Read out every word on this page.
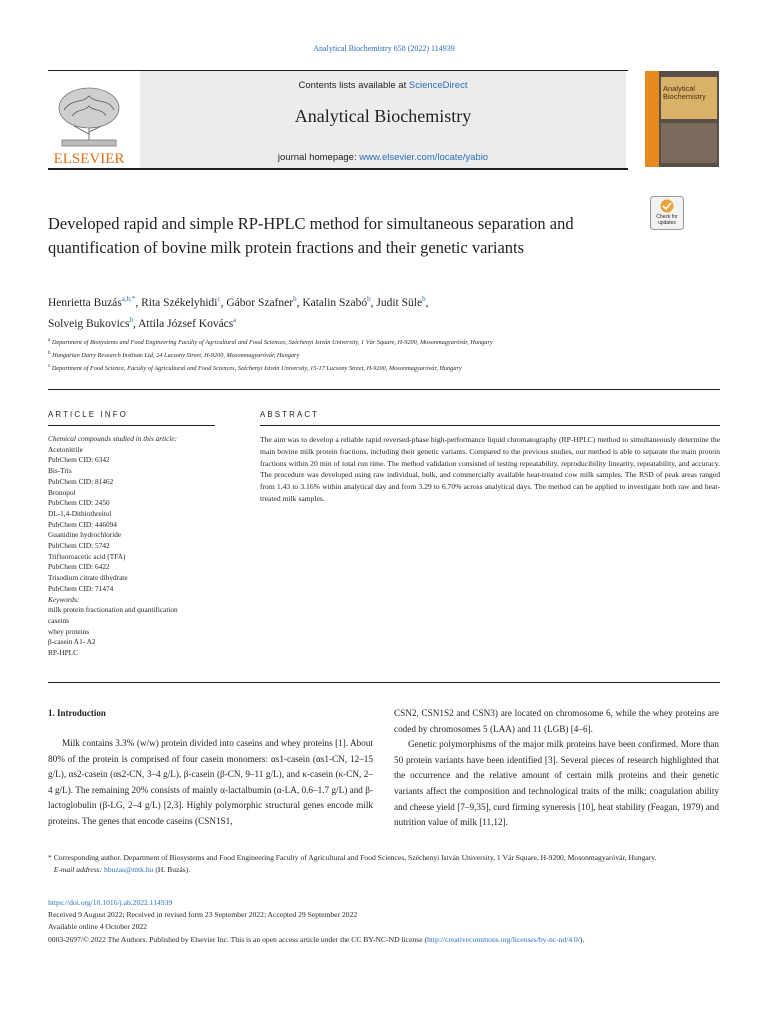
Analytical Biochemistry 658 (2022) 114939
ELSEVIER
Contents lists available at ScienceDirect
Analytical Biochemistry
journal homepage: www.elsevier.com/locate/yabio
Analytical Biochemistry
Developed rapid and simple RP-HPLC method for simultaneous separation and quantification of bovine milk protein fractions and their genetic variants
Check for updates
Henrietta Buzás$^{a,b,*}$, Rita Székelyhidi$^c$, Gábor Szafner$^b$, Katalin Szabó$^b$, Judit Süle$^b$,
Solveig Bukovics$^b$, Attila József Kovács$^a$
$^a$ Department of Biosystems and Food Engineering Faculty of Agricultural and Food Sciences, Széchenyi István University, 1 Vár Square, H-9200, Mosonmagyaróvár, Hungary
$^b$ Hungarian Dairy Research Institute Ltd, 24 Lucsony Street, H-9200, Mosonmagyaróvár, Hungary
$^c$ Department of Food Science, Faculty of Agricultural and Food Sciences, Széchenyi István University, 15-17 Lucsony Street, H-9200, Mosonmagyaróvár, Hungary
ARTICLE INFO	ABSTRACT
Chemical compounds studied in this article:
Acetonitrile
PubChem CID: 6342
Bis-Tris
PubChem CID: 81462
Bronopol
PubChem CID: 2450
DL-1,4-Dithiothreitol
PubChem CID: 446094
Guanidine hydrochloride
PubChem CID: 5742
Trifluoroacetic acid (TFA)
PubChem CID: 6422
Trisodium citrate dihydrate
PubChem CID: 71474
Keywords:
milk protein fractionation and quantification
caseins
whey proteins
β-casein A1- A2
RP-HPLC
The aim was to develop a reliable rapid reversed-phase high-performance liquid chromatography (RP-HPLC) method to simultaneously determine the main bovine milk protein fractions, including their genetic variants. Compared to the previous studies, our method is able to separate the main protein fractions within 20 min of total run time. The method validation consisted of testing repeatability, reproducibility linearity, repeatability, and accuracy. The procedure was developed using raw individual, bulk, and commercially available heat-treated cow milk samples. The RSD of peak areas ranged from 1.43 to 3.16% within analytical day and from 3.29 to 6.70% across analytical days. The method can be applied to investigate both raw and heat-treated milk samples.
1. Introduction

Milk contains 3.3% (w/w) protein divided into caseins and whey proteins [1]. About 80% of the protein is comprised of four casein monomers: αs1-casein (αs1-CN, 12–15 g/L), αs2-casein (αs2-CN, 3–4 g/L), β-casein (β-CN, 9–11 g/L), and κ-casein (κ-CN, 2–4 g/L). The remaining 20% consists of mainly α-lactalbumin (α-LA, 0.6–1.7 g/L) and β-lactoglobulin (β-LG, 2–4 g/L) [2,3]. Highly polymorphic structural genes encode milk proteins. The genes that encode caseins (CSN1S1,

CSN2, CSN1S2 and CSN3) are located on chromosome 6, while the whey proteins are coded by chromosomes 5 (LAA) and 11 (LGB) [4–6].

Genetic polymorphisms of the major milk proteins have been confirmed. More than 50 protein variants have been identified [3]. Several pieces of research highlighted that the occurrence and the relative amount of certain milk proteins and their genetic variants affect the composition and technological traits of the milk: coagulation ability and cheese yield [7–9,35], curd firming syneresis [10], heat stability (Feagan, 1979) and nutrition value of milk [11,12].

* Corresponding author. Department of Biosystems and Food Engineering Faculty of Agricultural and Food Sciences, Széchenyi István University, 1 Vár Square, H-9200, Mosonmagyaróvár, Hungary.

E-mail address: hbuzas@mtk.hu (H. Buzás).

https://doi.org/10.1016/j.ab.2022.114939

Received 9 August 2022; Received in revised form 23 September 2022; Accepted 29 September 2022

Available online 4 October 2022

0003-2697/© 2022 The Authors. Published by Elsevier Inc. This is an open access article under the CC BY-NC-ND license (http://creativecommons.org/licenses/by-nc-nd/4.0/).
